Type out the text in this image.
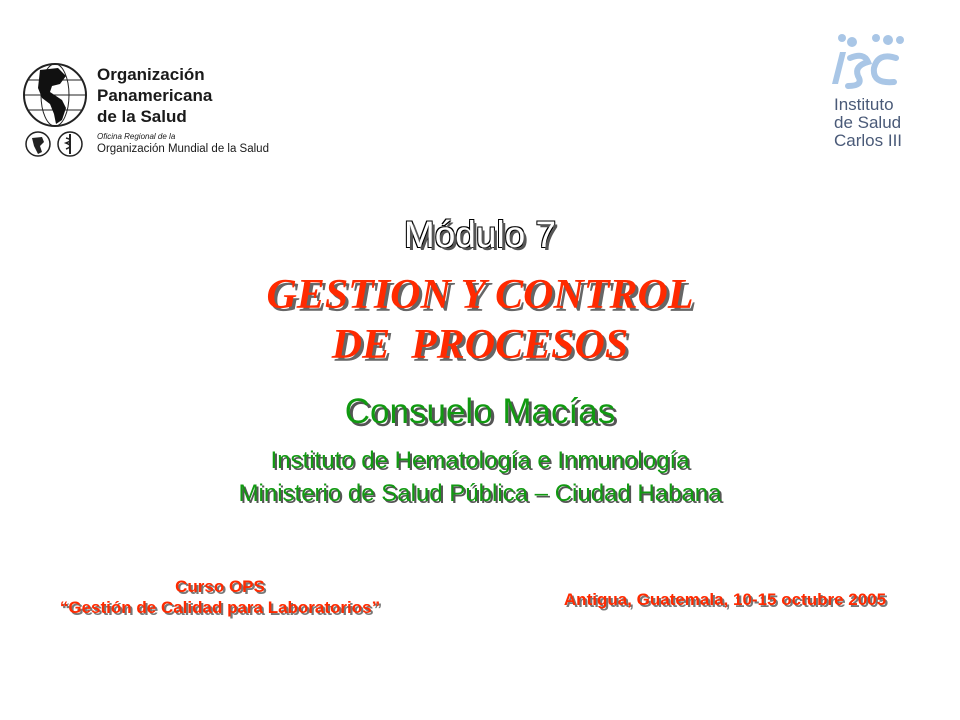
Organización
Panamericana
de la Salud
Oficina Regional de la
Organización Mundial de la Salud
Instituto
de Salud
Carlos III
Módulo 7
GESTION Y CONTROL
DE  PROCESOS
Consuelo Macías
Instituto de Hematología e Inmunología
Ministerio de Salud Pública – Ciudad Habana
Curso OPS
“Gestión de Calidad para Laboratorios”	Antigua, Guatemala, 10-15 octubre 2005
